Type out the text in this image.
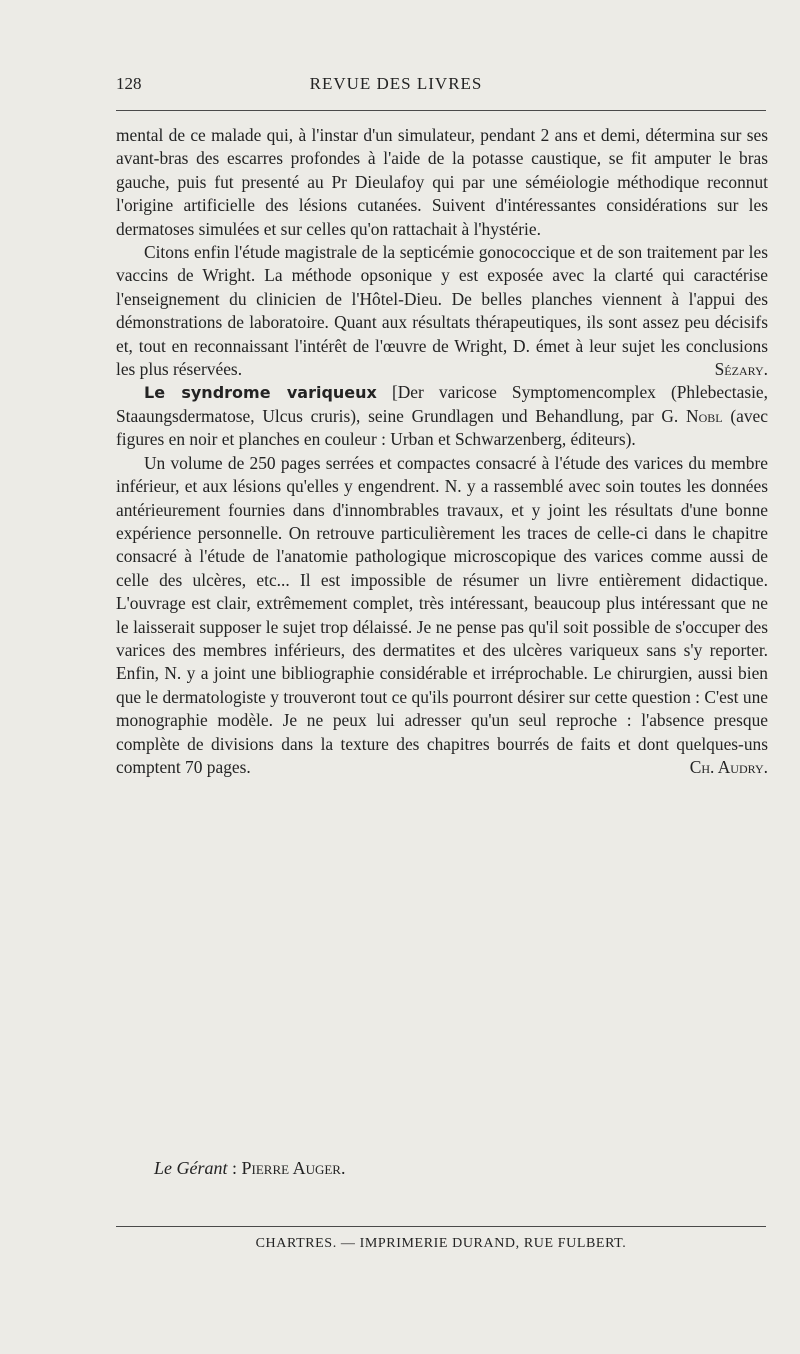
128	REVUE DES LIVRES

mental de ce malade qui, à l'instar d'un simulateur, pendant 2 ans et demi, détermina sur ses avant-bras des escarres profondes à l'aide de la potasse caustique, se fit amputer le bras gauche, puis fut presenté au Pr Dieulafoy qui par une séméiologie méthodique reconnut l'origine artificielle des lésions cutanées. Suivent d'intéressantes considérations sur les dermatoses simulées et sur celles qu'on rattachait à l'hystérie.

Citons enfin l'étude magistrale de la septicémie gonococcique et de son traitement par les vaccins de Wright. La méthode opsonique y est exposée avec la clarté qui caractérise l'enseignement du clinicien de l'Hôtel-Dieu. De belles planches viennent à l'appui des démonstrations de laboratoire. Quant aux résultats thérapeutiques, ils sont assez peu décisifs et, tout en reconnaissant l'intérêt de l'œuvre de Wright, D. émet à leur sujet les conclusions les plus réservées.	Sézary.

Le syndrome variqueux [Der varicose Symptomencomplex (Phlebectasie, Staaungsdermatose, Ulcus cruris), seine Grundlagen und Behandlung, par G. Nobl (avec figures en noir et planches en couleur : Urban et Schwarzenberg, éditeurs).

Un volume de 250 pages serrées et compactes consacré à l'étude des varices du membre inférieur, et aux lésions qu'elles y engendrent. N. y a rassemblé avec soin toutes les données antérieurement fournies dans d'innombrables travaux, et y joint les résultats d'une bonne expérience personnelle. On retrouve particulièrement les traces de celle-ci dans le chapitre consacré à l'étude de l'anatomie pathologique microscopique des varices comme aussi de celle des ulcères, etc... Il est impossible de résumer un livre entièrement didactique. L'ouvrage est clair, extrêmement complet, très intéressant, beaucoup plus intéressant que ne le laisserait supposer le sujet trop délaissé. Je ne pense pas qu'il soit possible de s'occuper des varices des membres inférieurs, des dermatites et des ulcères variqueux sans s'y reporter. Enfin, N. y a joint une bibliographie considérable et irréprochable. Le chirurgien, aussi bien que le dermatologiste y trouveront tout ce qu'ils pourront désirer sur cette question : C'est une monographie modèle. Je ne peux lui adresser qu'un seul reproche : l'absence presque complète de divisions dans la texture des chapitres bourrés de faits et dont quelques-uns comptent 70 pages.	Ch. Audry.

Le Gérant : Pierre Auger.
CHARTRES. — IMPRIMERIE DURAND, RUE FULBERT.
